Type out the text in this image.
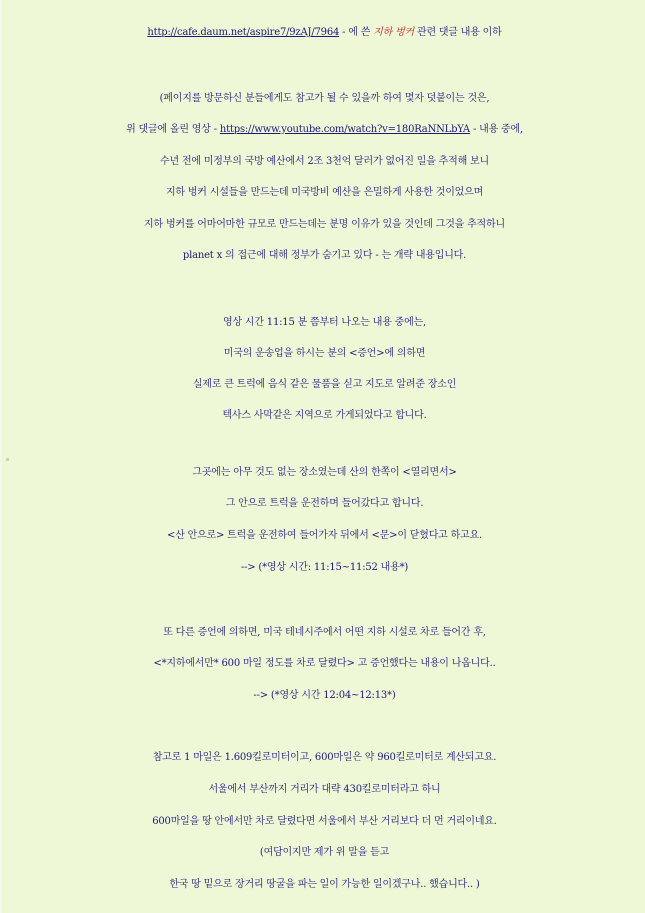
http://cafe.daum.net/aspire7/9zAJ/7964 - 에 쓴 지하 벙커 관련 댓글 내용 이하
(페이지를 방문하신 분들에게도 참고가 될 수 있을까 하여 몇자 덧붙이는 것은,
위 댓글에 올린 영상 - https://www.youtube.com/watch?v=180RaNNLbYA - 내용 중에,
수년 전에 미정부의 국방 예산에서 2조 3천억 달러가 없어진 일을 추적해 보니
지하 벙커 시설들을 만드는데 미국방비 예산을 은밀하게 사용한 것이었으며
지하 벙커를 어마어마한 규모로 만드는데는 분명 이유가 있을 것인데 그것을 추적하니
planet x 의 접근에 대해 정부가 숨기고 있다 - 는 개략 내용입니다.
영상 시간 11:15 분 쯤부터 나오는 내용 중에는,
미국의 운송업을 하시는 분의 <증언>에 의하면
실제로 큰 트럭에 음식 같은 물품을 싣고 지도로 알려준 장소인
텍사스 사막같은 지역으로 가게되었다고 합니다.
그곳에는 아무 것도 없는 장소였는데 산의 한쪽이 <열리면서>
그 안으로 트럭을 운전하며 들어갔다고 합니다.
<산 안으로> 트럭을 운전하여 들어가자 뒤에서 <문>이 닫혔다고 하고요.
--> (*영상 시간: 11:15~11:52 내용*)
또 다른 증언에 의하면, 미국 테네시주에서 어떤 지하 시설로 차로 들어간 후,
<*지하에서만* 600 마일 정도를 차로 달렸다> 고 증언했다는 내용이 나옵니다..
--> (*영상 시간 12:04~12:13*)
참고로 1 마일은 1.609킬로미터이고, 600마일은 약 960킬로미터로 계산되고요.
서울에서 부산까지 거리가 대략 430킬로미터라고 하니
600마일을 땅 안에서만 차로 달렸다면 서울에서 부산 거리보다 더 먼 거리이네요.
(여담이지만 제가 위 말을 듣고
한국 땅 밑으로 장거리 땅굴을 파는 일이 가능한 일이겠구나.. 했습니다.. )
